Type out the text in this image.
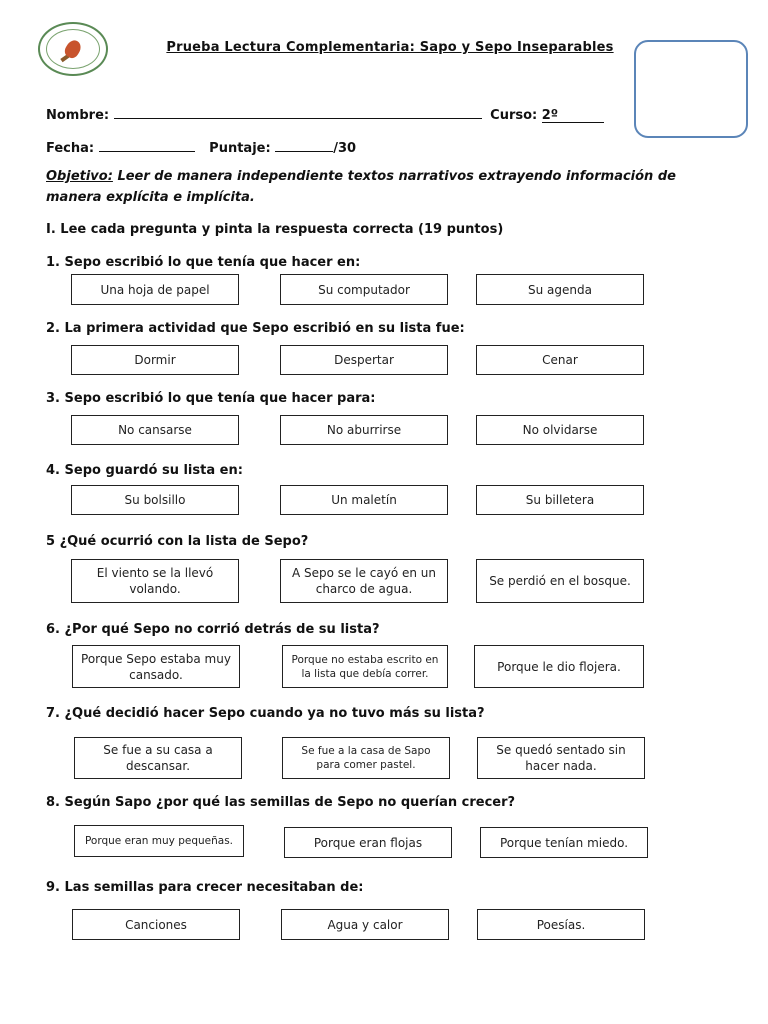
Prueba Lectura Complementaria: Sapo y Sepo Inseparables
Nombre:	Curso: 2º
Fecha:	Puntaje:	/30
Objetivo: Leer de manera independiente textos narrativos extrayendo información de manera explícita e implícita.
I. Lee cada pregunta y pinta la respuesta correcta (19 puntos)
1. Sepo escribió lo que tenía que hacer en:
Una hoja de papel	Su computador	Su agenda
2. La primera actividad que Sepo escribió en su lista fue:
Dormir	Despertar	Cenar
3. Sepo escribió lo que tenía que hacer para:
No cansarse	No aburrirse	No olvidarse
4. Sepo guardó su lista en:
Su bolsillo	Un maletín	Su billetera
5 ¿Qué ocurrió con la lista de Sepo?
El viento se la llevó volando.
A Sepo se le cayó en un charco de agua.
Se perdió en el bosque.
6. ¿Por qué Sepo no corrió detrás de su lista?
Porque Sepo estaba muy cansado.
Porque no estaba escrito en la lista que debía correr.	Porque le dio flojera.
7. ¿Qué decidió hacer Sepo cuando ya no tuvo más su lista?
Se fue a su casa a descansar.
Se fue a la casa de Sapo para comer pastel.
Se quedó sentado sin hacer nada.
8. Según Sapo ¿por qué las semillas de Sepo no querían crecer?
Porque eran muy pequeñas.	Porque eran flojas	Porque tenían miedo.
9. Las semillas para crecer necesitaban de:
Canciones	Agua y calor	Poesías.
